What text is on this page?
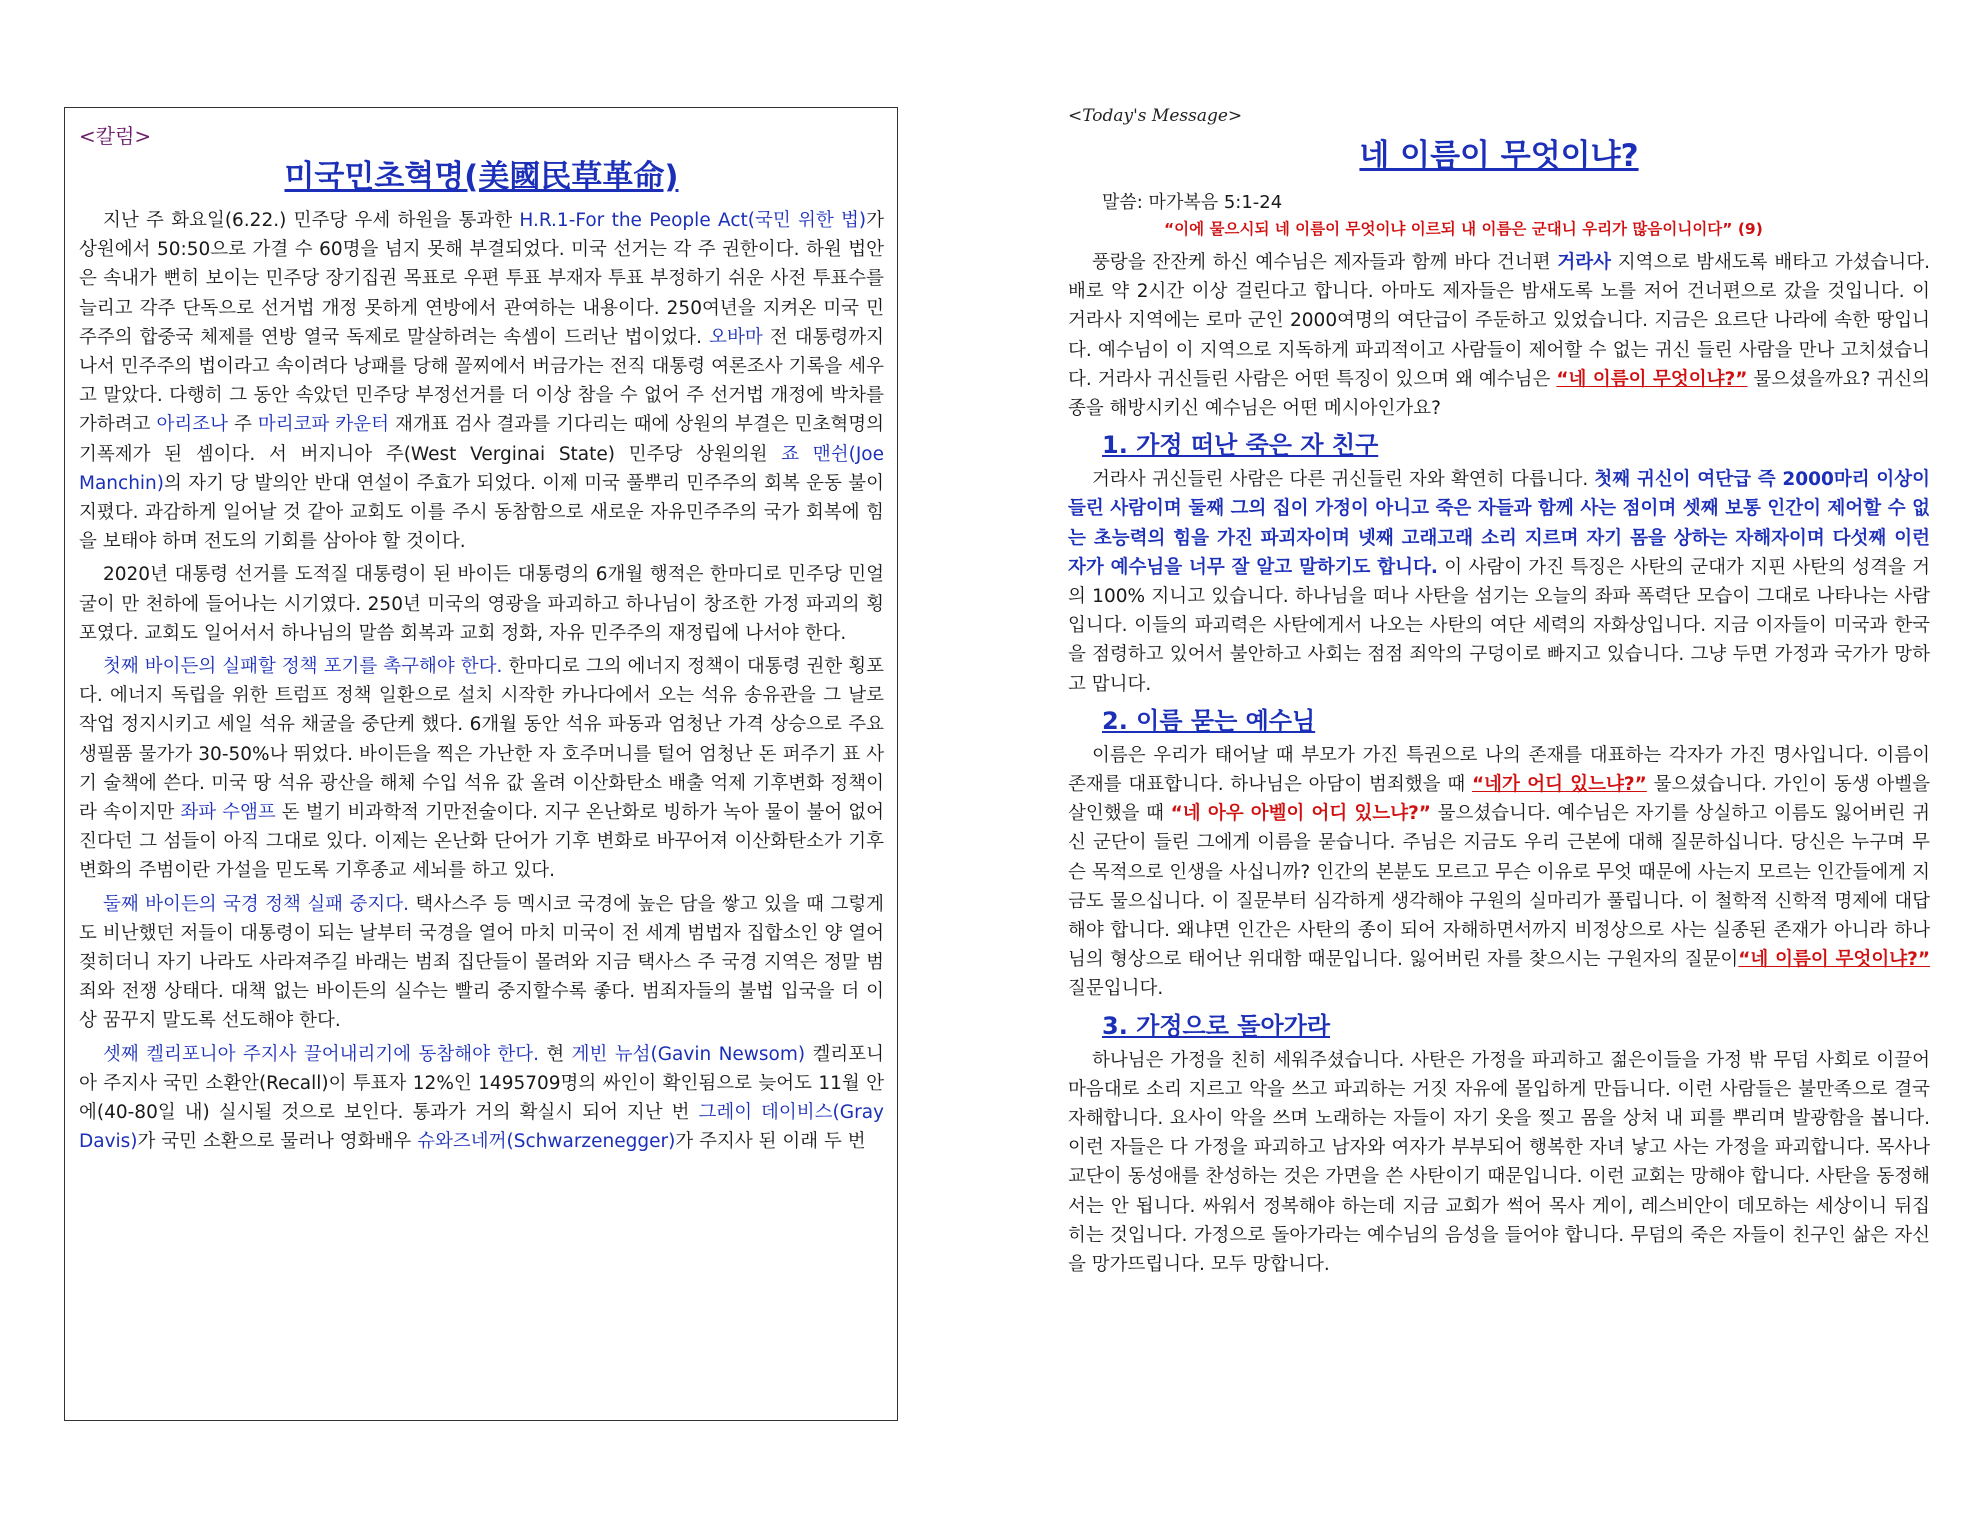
<칼럼>
미국민초혁명(美國民草革命)

지난 주 화요일(6.22.) 민주당 우세 하원을 통과한 H.R.1-For the People Act(국민 위한 법)가 상원에서 50:50으로 가결 수 60명을 넘지 못해 부결되었다. 미국 선거는 각 주 권한이다. 하원 법안은 속내가 뻔히 보이는 민주당 장기집권 목표로 우편 투표 부재자 투표 부정하기 쉬운 사전 투표수를 늘리고 각주 단독으로 선거법 개정 못하게 연방에서 관여하는 내용이다. 250여년을 지켜온 미국 민주주의 합중국 체제를 연방 열국 독제로 말살하려는 속셈이 드러난 법이었다. 오바마 전 대통령까지 나서 민주주의 법이라고 속이려다 낭패를 당해 꼴찌에서 버금가는 전직 대통령 여론조사 기록을 세우고 말았다. 다행히 그 동안 속았던 민주당 부정선거를 더 이상 참을 수 없어 주 선거법 개정에 박차를 가하려고 아리조나 주 마리코파 카운터 재개표 검사 결과를 기다리는 때에 상원의 부결은 민초혁명의 기폭제가 된 셈이다. 서 버지니아 주(West Verginai State) 민주당 상원의원 죠 맨쉰(Joe Manchin)의 자기 당 발의안 반대 연설이 주효가 되었다. 이제 미국 풀뿌리 민주주의 회복 운동 불이 지폈다. 과감하게 일어날 것 같아 교회도 이를 주시 동참함으로 새로운 자유민주주의 국가 회복에 힘을 보태야 하며 전도의 기회를 삼아야 할 것이다.

2020년 대통령 선거를 도적질 대통령이 된 바이든 대통령의 6개월 행적은 한마디로 민주당 민얼굴이 만 천하에 들어나는 시기였다. 250년 미국의 영광을 파괴하고 하나님이 창조한 가정 파괴의 횡포였다. 교회도 일어서서 하나님의 말씀 회복과 교회 정화, 자유 민주주의 재정립에 나서야 한다.

첫째 바이든의 실패할 정책 포기를 촉구해야 한다. 한마디로 그의 에너지 정책이 대통령 권한 횡포다. 에너지 독립을 위한 트럼프 정책 일환으로 설치 시작한 카나다에서 오는 석유 송유관을 그 날로 작업 정지시키고 세일 석유 채굴을 중단케 했다. 6개월 동안 석유 파동과 엄청난 가격 상승으로 주요 생필품 물가가 30-50%나 뛰었다. 바이든을 찍은 가난한 자 호주머니를 털어 엄청난 돈 퍼주기 표 사기 술책에 쓴다. 미국 땅 석유 광산을 해체 수입 석유 값 올려 이산화탄소 배출 억제 기후변화 정책이라 속이지만 좌파 수앰프 돈 벌기 비과학적 기만전술이다. 지구 온난화로 빙하가 녹아 물이 불어 없어진다던 그 섬들이 아직 그대로 있다. 이제는 온난화 단어가 기후 변화로 바꾸어져 이산화탄소가 기후변화의 주범이란 가설을 믿도록 기후종교 세뇌를 하고 있다.

둘째 바이든의 국경 정책 실패 중지다. 택사스주 등 멕시코 국경에 높은 담을 쌓고 있을 때 그렇게도 비난했던 저들이 대통령이 되는 날부터 국경을 열어 마치 미국이 전 세계 범법자 집합소인 양 열어젖히더니 자기 나라도 사라져주길 바래는 범죄 집단들이 몰려와 지금 택사스 주 국경 지역은 정말 범죄와 전쟁 상태다. 대책 없는 바이든의 실수는 빨리 중지할수록 좋다. 범죄자들의 불법 입국을 더 이상 꿈꾸지 말도록 선도해야 한다.

셋째 켈리포니아 주지사 끌어내리기에 동참해야 한다. 현 게빈 뉴섬(Gavin Newsom) 켈리포니아 주지사 국민 소환안(Recall)이 투표자 12%인 1495709명의 싸인이 확인됨으로 늦어도 11월 안에(40-80일 내) 실시될 것으로 보인다. 통과가 거의 확실시 되어 지난 번 그레이 데이비스(Gray Davis)가 국민 소환으로 물러나 영화배우 슈와즈네꺼(Schwarzenegger)가 주지사 된 이래 두 번

<Today's Message>
네 이름이 무엇이냐?
말씀: 마가복음 5:1-24
“이에 물으시되 네 이름이 무엇이냐 이르되 내 이름은 군대니 우리가 많음이니이다” (9)

풍랑을 잔잔케 하신 예수님은 제자들과 함께 바다 건너편 거라사 지역으로 밤새도록 배타고 가셨습니다. 배로 약 2시간 이상 걸린다고 합니다. 아마도 제자들은 밤새도록 노를 저어 건너편으로 갔을 것입니다. 이 거라사 지역에는 로마 군인 2000여명의 여단급이 주둔하고 있었습니다. 지금은 요르단 나라에 속한 땅입니다. 예수님이 이 지역으로 지독하게 파괴적이고 사람들이 제어할 수 없는 귀신 들린 사람을 만나 고치셨습니다. 거라사 귀신들린 사람은 어떤 특징이 있으며 왜 예수님은 “네 이름이 무엇이냐?” 물으셨을까요? 귀신의 종을 해방시키신 예수님은 어떤 메시아인가요?

1. 가정 떠난 죽은 자 친구

거라사 귀신들린 사람은 다른 귀신들린 자와 확연히 다릅니다. 첫째 귀신이 여단급 즉 2000마리 이상이 들린 사람이며 둘째 그의 집이 가정이 아니고 죽은 자들과 함께 사는 점이며 셋째 보통 인간이 제어할 수 없는 초능력의 힘을 가진 파괴자이며 넷째 고래고래 소리 지르며 자기 몸을 상하는 자해자이며 다섯째 이런 자가 예수님을 너무 잘 알고 말하기도 합니다. 이 사람이 가진 특징은 사탄의 군대가 지핀 사탄의 성격을 거의 100% 지니고 있습니다. 하나님을 떠나 사탄을 섬기는 오늘의 좌파 폭력단 모습이 그대로 나타나는 사람입니다. 이들의 파괴력은 사탄에게서 나오는 사탄의 여단 세력의 자화상입니다. 지금 이자들이 미국과 한국을 점령하고 있어서 불안하고 사회는 점점 죄악의 구덩이로 빠지고 있습니다. 그냥 두면 가정과 국가가 망하고 맙니다.

2. 이름 묻는 예수님

이름은 우리가 태어날 때 부모가 가진 특권으로 나의 존재를 대표하는 각자가 가진 명사입니다. 이름이 존재를 대표합니다. 하나님은 아담이 범죄했을 때 “네가 어디 있느냐?” 물으셨습니다. 가인이 동생 아벨을 살인했을 때 “네 아우 아벨이 어디 있느냐?” 물으셨습니다. 예수님은 자기를 상실하고 이름도 잃어버린 귀신 군단이 들린 그에게 이름을 묻습니다. 주님은 지금도 우리 근본에 대해 질문하십니다. 당신은 누구며 무슨 목적으로 인생을 사십니까? 인간의 본분도 모르고 무슨 이유로 무엇 때문에 사는지 모르는 인간들에게 지금도 물으십니다. 이 질문부터 심각하게 생각해야 구원의 실마리가 풀립니다. 이 철학적 신학적 명제에 대답해야 합니다. 왜냐면 인간은 사탄의 종이 되어 자해하면서까지 비정상으로 사는 실종된 존재가 아니라 하나님의 형상으로 태어난 위대함 때문입니다. 잃어버린 자를 찾으시는 구원자의 질문이“네 이름이 무엇이냐?” 질문입니다.

3. 가정으로 돌아가라

하나님은 가정을 친히 세워주셨습니다. 사탄은 가정을 파괴하고 젊은이들을 가정 밖 무덤 사회로 이끌어 마음대로 소리 지르고 악을 쓰고 파괴하는 거짓 자유에 몰입하게 만듭니다. 이런 사람들은 불만족으로 결국 자해합니다. 요사이 악을 쓰며 노래하는 자들이 자기 옷을 찢고 몸을 상처 내 피를 뿌리며 발광함을 봅니다. 이런 자들은 다 가정을 파괴하고 남자와 여자가 부부되어 행복한 자녀 낳고 사는 가정을 파괴합니다. 목사나 교단이 동성애를 찬성하는 것은 가면을 쓴 사탄이기 때문입니다. 이런 교회는 망해야 합니다. 사탄을 동정해서는 안 됩니다. 싸워서 정복해야 하는데 지금 교회가 썩어 목사 게이, 레스비안이 데모하는 세상이니 뒤집히는 것입니다. 가정으로 돌아가라는 예수님의 음성을 들어야 합니다. 무덤의 죽은 자들이 친구인 삶은 자신을 망가뜨립니다. 모두 망합니다.
